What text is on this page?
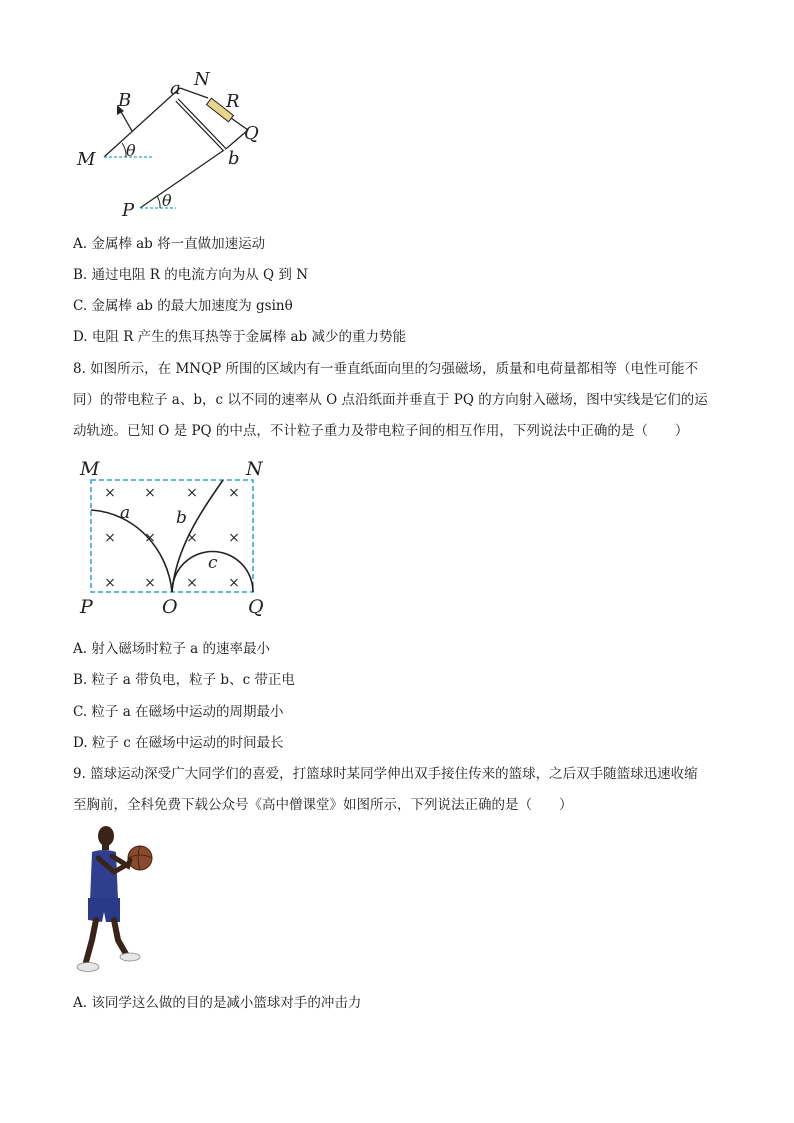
a N
R
B
Q
M	b
θ
P θ
A. 金属棒 ab 将一直做加速运动
B. 通过电阻 R 的电流方向为从 Q 到 N
C. 金属棒 ab 的最大加速度为 gsinθ
D. 电阻 R 产生的焦耳热等于金属棒 ab 减少的重力势能
8. 如图所示，在 MNQP 所围的区域内有一垂直纸面向里的匀强磁场，质量和电荷量都相等（电性可能不
同）的带电粒子 a、b，c 以不同的速率从 O 点沿纸面并垂直于 PQ 的方向射入磁场，图中实线是它们的运
动轨迹。已知 O 是 PQ 的中点，不计粒子重力及带电粒子间的相互作用，下列说法中正确的是（　　）
× × × ×
× × × ×
× × × ×
M	N
a	b
c
P	O	Q
A. 射入磁场时粒子 a 的速率最小
B. 粒子 a 带负电，粒子 b、c 带正电
C. 粒子 a 在磁场中运动的周期最小
D. 粒子 c 在磁场中运动的时间最长
9. 篮球运动深受广大同学们的喜爱，打篮球时某同学伸出双手接住传来的篮球，之后双手随篮球迅速收缩
至胸前，全科免费下载公众号《高中僧课堂》如图所示，下列说法正确的是（　　）
A. 该同学这么做的目的是减小篮球对手的冲击力
